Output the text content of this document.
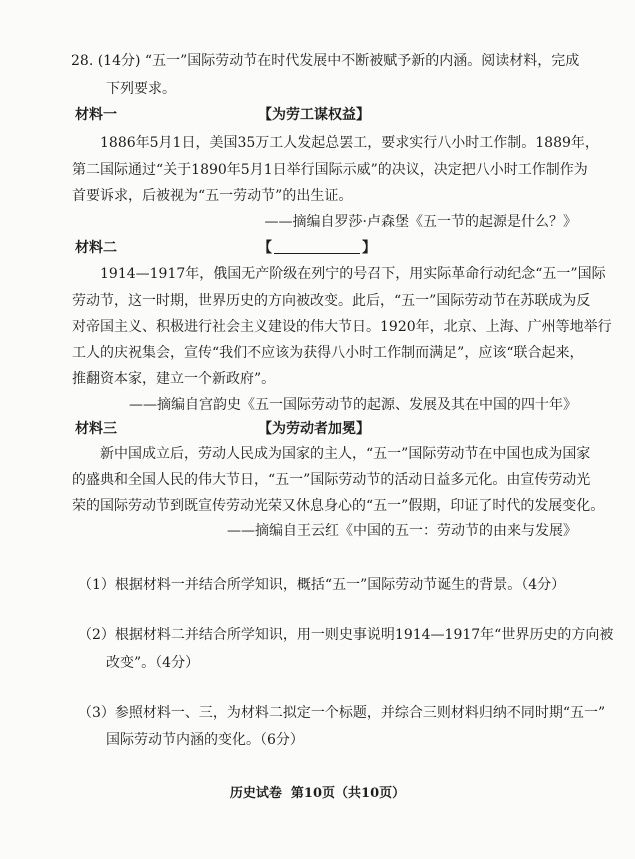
28. (14分) “五一”国际劳动节在时代发展中不断被赋予新的内涵。阅读材料，完成
下列要求。
材料一	【为劳工谋权益】
1886年5月1日，美国35万工人发起总罢工，要求实行八小时工作制。1889年，
第二国际通过“关于1890年5月1日举行国际示威”的决议，决定把八小时工作制作为
首要诉求，后被视为“五一劳动节”的出生证。
——摘编自罗莎·卢森堡《五一节的起源是什么？》
材料二	【	】
1914—1917年，俄国无产阶级在列宁的号召下，用实际革命行动纪念“五一”国际
劳动节，这一时期，世界历史的方向被改变。此后，“五一”国际劳动节在苏联成为反
对帝国主义、积极进行社会主义建设的伟大节日。1920年，北京、上海、广州等地举行
工人的庆祝集会，宣传“我们不应该为获得八小时工作制而满足”，应该“联合起来，
推翻资本家，建立一个新政府”。
——摘编自宫韵史《五一国际劳动节的起源、发展及其在中国的四十年》
材料三	【为劳动者加冕】
新中国成立后，劳动人民成为国家的主人，“五一”国际劳动节在中国也成为国家
的盛典和全国人民的伟大节日，“五一”国际劳动节的活动日益多元化。由宣传劳动光
荣的国际劳动节到既宣传劳动光荣又休息身心的“五一”假期，印证了时代的发展变化。
——摘编自王云红《中国的五一：劳动节的由来与发展》
（1）根据材料一并结合所学知识，概括“五一”国际劳动节诞生的背景。（4分）
（2）根据材料二并结合所学知识，用一则史事说明1914—1917年“世界历史的方向被
改变”。（4分）
（3）参照材料一、三，为材料二拟定一个标题，并综合三则材料归纳不同时期“五一”
国际劳动节内涵的变化。（6分）
历史试卷  第10页（共10页）
